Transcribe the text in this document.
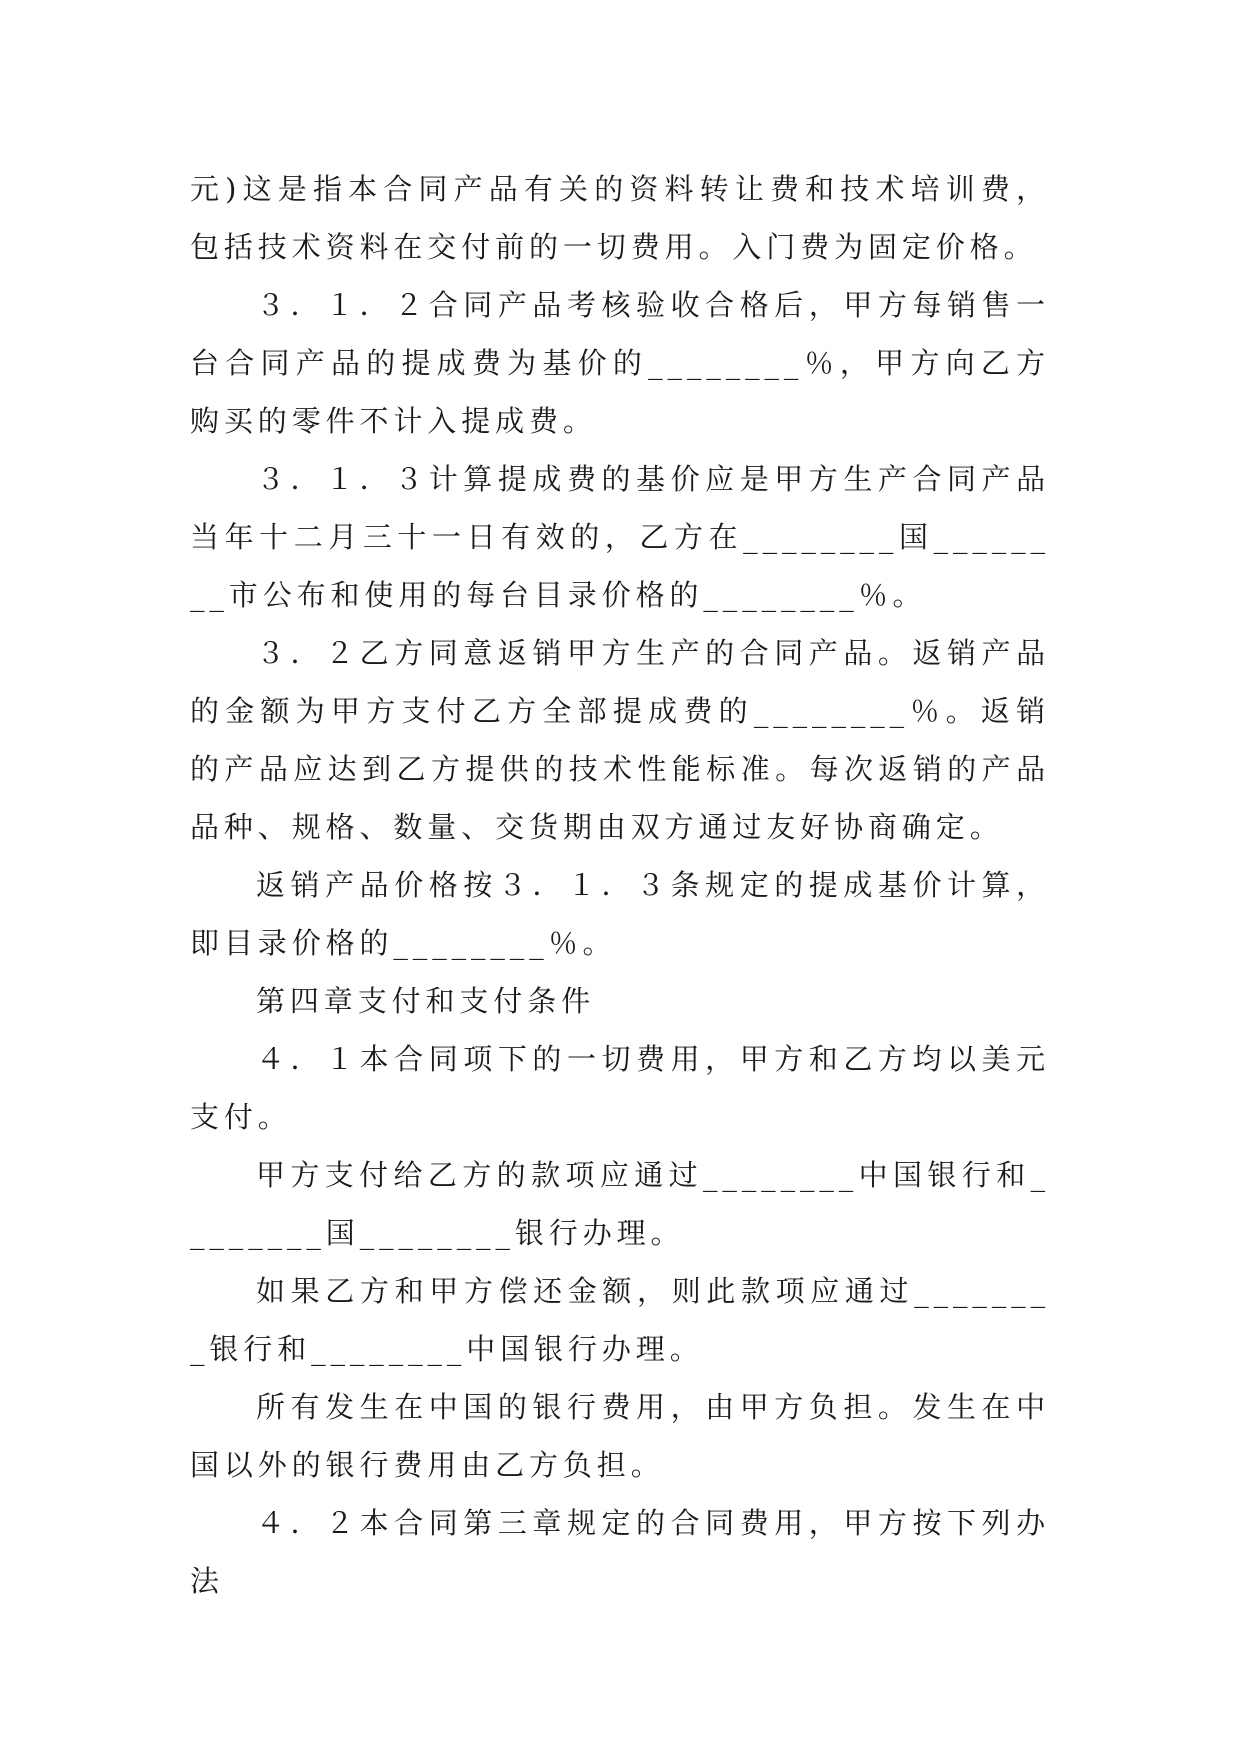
元)这是指本合同产品有关的资料转让费和技术培训费，包括技术资料在交付前的一切费用。入门费为固定价格。

３．１．２合同产品考核验收合格后，甲方每销售一台合同产品的提成费为基价的________％，甲方向乙方购买的零件不计入提成费。

３．１．３计算提成费的基价应是甲方生产合同产品当年十二月三十一日有效的，乙方在________国________市公布和使用的每台目录价格的________％。

３．２乙方同意返销甲方生产的合同产品。返销产品的金额为甲方支付乙方全部提成费的________％。返销的产品应达到乙方提供的技术性能标准。每次返销的产品品种、规格、数量、交货期由双方通过友好协商确定。

返销产品价格按３．１．３条规定的提成基价计算，即目录价格的________％。

第四章支付和支付条件

４．１本合同项下的一切费用，甲方和乙方均以美元支付。

甲方支付给乙方的款项应通过________中国银行和________国________银行办理。

如果乙方和甲方偿还金额，则此款项应通过________银行和________中国银行办理。

所有发生在中国的银行费用，由甲方负担。发生在中国以外的银行费用由乙方负担。

４．２本合同第三章规定的合同费用，甲方按下列办法
